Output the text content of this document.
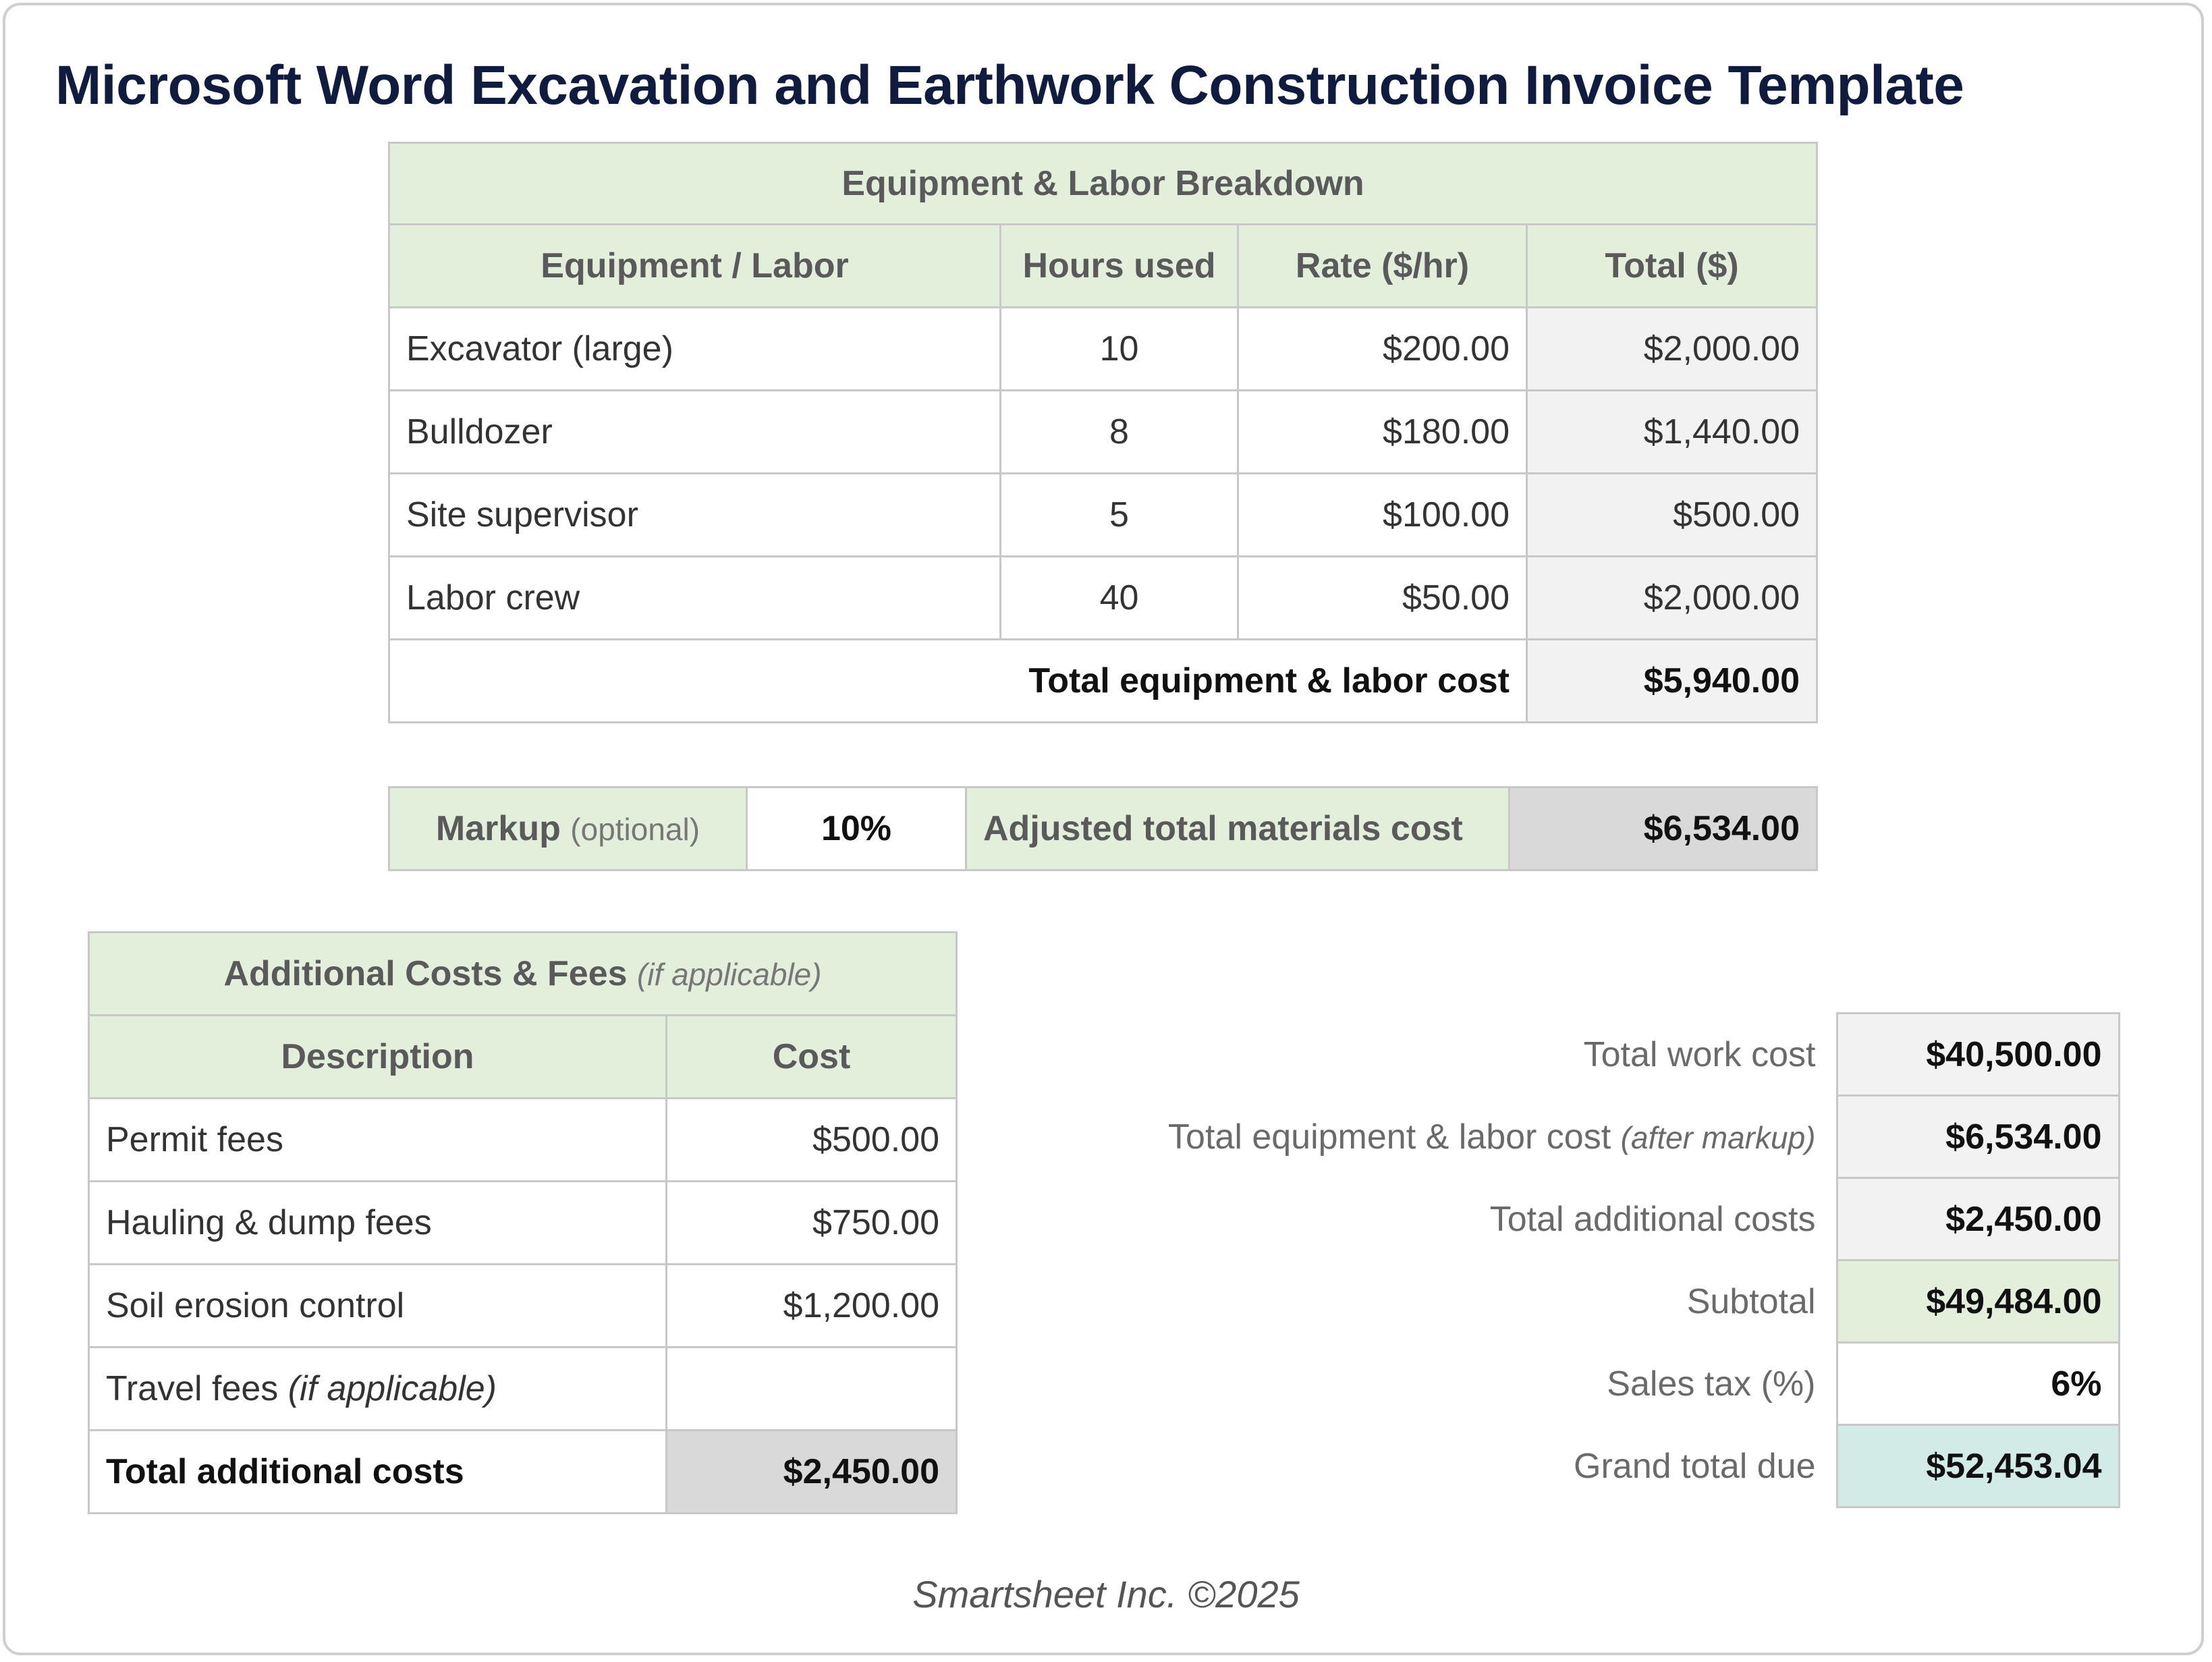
Microsoft Word Excavation and Earthwork Construction Invoice Template
Equipment & Labor Breakdown			
Equipment / Labor	Hours used	Rate ($/hr)	Total ($)
Excavator (large)	10	$200.00	$2,000.00
Bulldozer	8	$180.00	$1,440.00
Site supervisor	5	$100.00	$500.00
Labor crew	40	$50.00	$2,000.00
Total equipment & labor cost			$5,940.00
Markup (optional)	10%	Adjusted total materials cost	$6,534.00
Additional Costs & Fees (if applicable)	
Description	Cost
Permit fees	$500.00
Hauling & dump fees	$750.00
Soil erosion control	$1,200.00
Travel fees (if applicable)	
Total additional costs	$2,450.00
Total work cost	$40,500.00
Total equipment & labor cost (after markup)	$6,534.00
Total additional costs	$2,450.00
Subtotal	$49,484.00
Sales tax (%)	6%
Grand total due	$52,453.04
Smartsheet Inc. ©2025
